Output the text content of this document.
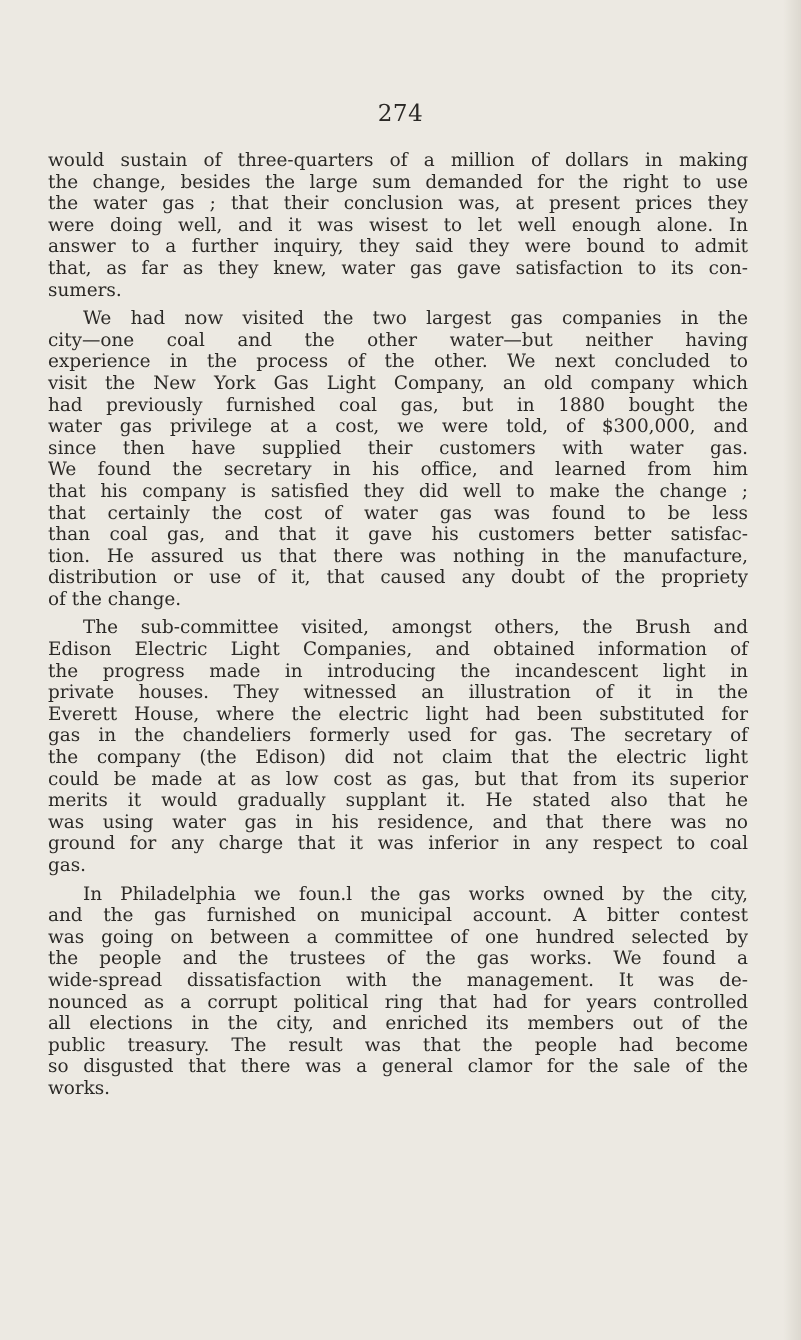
274

would sustain of three-quarters of a million of dollars in making

the change, besides the large sum demanded for the right to use

the water gas ; that their conclusion was, at present prices they

were doing well, and it was wisest to let well enough alone. In

answer to a further inquiry, they said they were bound to admit

that, as far as they knew, water gas gave satisfaction to its con-

sumers.

We had now visited the two largest gas companies in the

city—one coal and the other water—but neither having

experience in the process of the other. We next concluded to

visit the New York Gas Light Company, an old company which

had previously furnished coal gas, but in 1880 bought the

water gas privilege at a cost, we were told, of $300,000, and

since then have supplied their customers with water gas.

We found the secretary in his office, and learned from him

that his company is satisfied they did well to make the change ;

that certainly the cost of water gas was found to be less

than coal gas, and that it gave his customers better satisfac-

tion. He assured us that there was nothing in the manufacture,

distribution or use of it, that caused any doubt of the propriety

of the change.

The sub-committee visited, amongst others, the Brush and

Edison Electric Light Companies, and obtained information of

the progress made in introducing the incandescent light in

private houses. They witnessed an illustration of it in the

Everett House, where the electric light had been substituted for

gas in the chandeliers formerly used for gas. The secretary of

the company (the Edison) did not claim that the electric light

could be made at as low cost as gas, but that from its superior

merits it would gradually supplant it. He stated also that he

was using water gas in his residence, and that there was no

ground for any charge that it was inferior in any respect to coal

gas.

In Philadelphia we foun.l the gas works owned by the city,

and the gas furnished on municipal account. A bitter contest

was going on between a committee of one hundred selected by

the people and the trustees of the gas works. We found a

wide-spread dissatisfaction with the management. It was de-

nounced as a corrupt political ring that had for years controlled

all elections in the city, and enriched its members out of the

public treasury. The result was that the people had become

so disgusted that there was a general clamor for the sale of the

works.
